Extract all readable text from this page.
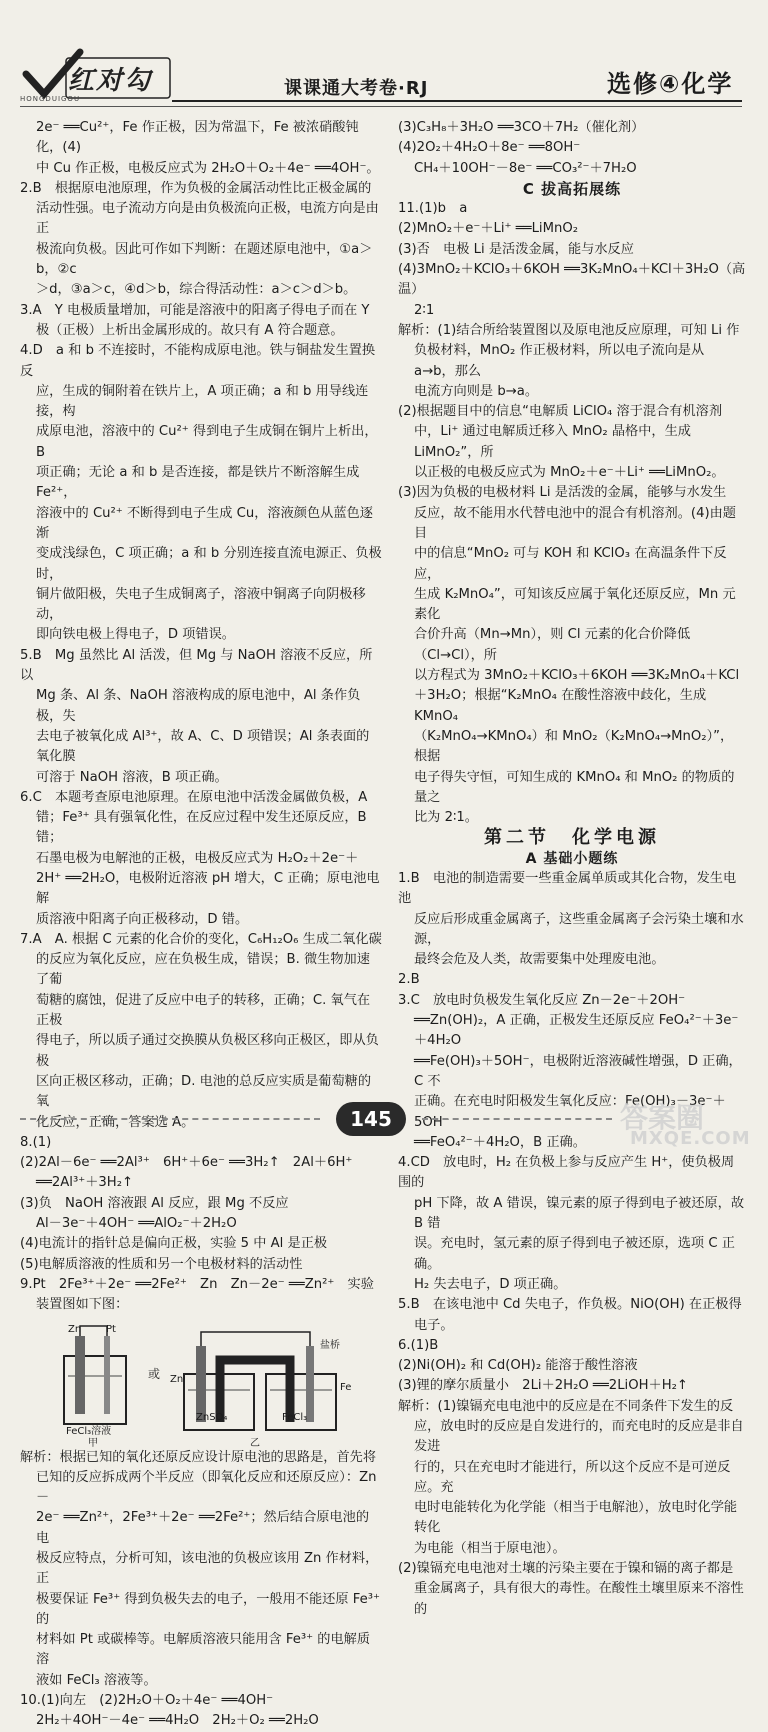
红对勾
HONGDUIGOU	课课通大考卷·RJ	选修④化学

2e⁻ ══Cu²⁺，Fe 作正极，因为常温下，Fe 被浓硝酸钝化，(4)

中 Cu 作正极，电极反应式为 2H₂O＋O₂＋4e⁻ ══4OH⁻。

2.B　根据原电池原理，作为负极的金属活动性比正极金属的

活动性强。电子流动方向是由负极流向正极，电流方向是由正

极流向负极。因此可作如下判断：在题述原电池中，①a＞b，②c

＞d，③a＞c，④d＞b，综合得活动性：a＞c＞d＞b。

3.A　Y 电极质量增加，可能是溶液中的阳离子得电子而在 Y

极（正极）上析出金属形成的。故只有 A 符合题意。

4.D　a 和 b 不连接时，不能构成原电池。铁与铜盐发生置换反

应，生成的铜附着在铁片上，A 项正确；a 和 b 用导线连接，构

成原电池，溶液中的 Cu²⁺ 得到电子生成铜在铜片上析出，B

项正确；无论 a 和 b 是否连接，都是铁片不断溶解生成 Fe²⁺，

溶液中的 Cu²⁺ 不断得到电子生成 Cu，溶液颜色从蓝色逐渐

变成浅绿色，C 项正确；a 和 b 分别连接直流电源正、负极时，

铜片做阳极，失电子生成铜离子，溶液中铜离子向阴极移动，

即向铁电极上得电子，D 项错误。

5.B　Mg 虽然比 Al 活泼，但 Mg 与 NaOH 溶液不反应，所以

Mg 条、Al 条、NaOH 溶液构成的原电池中，Al 条作负极，失

去电子被氧化成 Al³⁺，故 A、C、D 项错误；Al 条表面的氧化膜

可溶于 NaOH 溶液，B 项正确。

6.C　本题考查原电池原理。在原电池中活泼金属做负极，A

错；Fe³⁺ 具有强氧化性，在反应过程中发生还原反应，B 错；

石墨电极为电解池的正极，电极反应式为 H₂O₂＋2e⁻＋

2H⁺ ══2H₂O，电极附近溶液 pH 增大，C 正确；原电池电解

质溶液中阳离子向正极移动，D 错。

7.A　A. 根据 C 元素的化合价的变化，C₆H₁₂O₆ 生成二氧化碳

的反应为氧化反应，应在负极生成，错误；B. 微生物加速了葡

萄糖的腐蚀，促进了反应中电子的转移，正确；C. 氧气在正极

得电子，所以质子通过交换膜从负极区移向正极区，即从负极

区向正极区移动，正确；D. 电池的总反应实质是葡萄糖的氧

化反应，正确，答案选 A。

8.(1)

(2)2Al－6e⁻ ══2Al³⁺　6H⁺＋6e⁻ ══3H₂↑　2Al＋6H⁺

══2Al³⁺＋3H₂↑

(3)负　NaOH 溶液跟 Al 反应，跟 Mg 不反应

Al－3e⁻＋4OH⁻ ══AlO₂⁻＋2H₂O

(4)电流计的指针总是偏向正极，实验 5 中 Al 是正极

(5)电解质溶液的性质和另一个电极材料的活动性

9.Pt　2Fe³⁺＋2e⁻ ══2Fe²⁺　Zn　Zn－2e⁻ ══Zn²⁺　实验

装置图如下图：

Zn Pt
FeCl₃溶液
甲
或
盐桥
Zn
Fe
ZnSO₄	FeCl₃
乙

解析：根据已知的氧化还原反应设计原电池的思路是，首先将

已知的反应拆成两个半反应（即氧化反应和还原反应）：Zn－

2e⁻ ══Zn²⁺，2Fe³⁺＋2e⁻ ══2Fe²⁺；然后结合原电池的电

极反应特点，分析可知，该电池的负极应该用 Zn 作材料，正

极要保证 Fe³⁺ 得到负极失去的电子，一般用不能还原 Fe³⁺ 的

材料如 Pt 或碳棒等。电解质溶液只能用含 Fe³⁺ 的电解质溶

液如 FeCl₃ 溶液等。

10.(1)向左　(2)2H₂O＋O₂＋4e⁻ ══4OH⁻

2H₂＋4OH⁻－4e⁻ ══4H₂O　2H₂＋O₂ ══2H₂O

(3)C₃H₈＋3H₂O ══3CO＋7H₂（催化剂）

(4)2O₂＋4H₂O＋8e⁻ ══8OH⁻

CH₄＋10OH⁻－8e⁻ ══CO₃²⁻＋7H₂O

C 拔高拓展练

11.(1)b　a

(2)MnO₂＋e⁻＋Li⁺ ══LiMnO₂

(3)否　电极 Li 是活泼金属，能与水反应

(4)3MnO₂＋KClO₃＋6KOH ══3K₂MnO₄＋KCl＋3H₂O（高温）

2∶1

解析：(1)结合所给装置图以及原电池反应原理，可知 Li 作

负极材料，MnO₂ 作正极材料，所以电子流向是从 a→b，那么

电流方向则是 b→a。

(2)根据题目中的信息“电解质 LiClO₄ 溶于混合有机溶剂

中，Li⁺ 通过电解质迁移入 MnO₂ 晶格中，生成 LiMnO₂”，所

以正极的电极反应式为 MnO₂＋e⁻＋Li⁺ ══LiMnO₂。

(3)因为负极的电极材料 Li 是活泼的金属，能够与水发生

反应，故不能用水代替电池中的混合有机溶剂。(4)由题目

中的信息“MnO₂ 可与 KOH 和 KClO₃ 在高温条件下反应，

生成 K₂MnO₄”，可知该反应属于氧化还原反应，Mn 元素化

合价升高（Mn→Mn），则 Cl 元素的化合价降低（Cl→Cl），所

以方程式为 3MnO₂＋KClO₃＋6KOH ══3K₂MnO₄＋KCl

＋3H₂O；根据“K₂MnO₄ 在酸性溶液中歧化，生成 KMnO₄

（K₂MnO₄→KMnO₄）和 MnO₂（K₂MnO₄→MnO₂）”，根据

电子得失守恒，可知生成的 KMnO₄ 和 MnO₂ 的物质的量之

比为 2∶1。

第二节　化学电源

A 基础小题练

1.B　电池的制造需要一些重金属单质或其化合物，发生电池

反应后形成重金属离子，这些重金属离子会污染土壤和水源，

最终会危及人类，故需要集中处理废电池。

2.B

3.C　放电时负极发生氧化反应 Zn－2e⁻＋2OH⁻

══Zn(OH)₂，A 正确，正极发生还原反应 FeO₄²⁻＋3e⁻＋4H₂O

══Fe(OH)₃＋5OH⁻，电极附近溶液碱性增强，D 正确，C 不

正确。在充电时阳极发生氧化反应：Fe(OH)₃－3e⁻＋5OH⁻

══FeO₄²⁻＋4H₂O，B 正确。

4.CD　放电时，H₂ 在负极上参与反应产生 H⁺，使负极周围的

pH 下降，故 A 错误，镍元素的原子得到电子被还原，故 B 错

误。充电时，氢元素的原子得到电子被还原，选项 C 正确。

H₂ 失去电子，D 项正确。

5.B　在该电池中 Cd 失电子，作负极。NiO(OH) 在正极得

电子。

6.(1)B

(2)Ni(OH)₂ 和 Cd(OH)₂ 能溶于酸性溶液

(3)锂的摩尔质量小　2Li＋2H₂O ══2LiOH＋H₂↑

解析：(1)镍镉充电电池中的反应是在不同条件下发生的反

应，放电时的反应是自发进行的，而充电时的反应是非自发进

行的，只在充电时才能进行，所以这个反应不是可逆反应。充

电时电能转化为化学能（相当于电解池），放电时化学能转化

为电能（相当于原电池）。

(2)镍镉充电电池对土壤的污染主要在于镍和镉的离子都是

重金属离子，具有很大的毒性。在酸性土壤里原来不溶性的

145	答案圈
MXQE.COM
